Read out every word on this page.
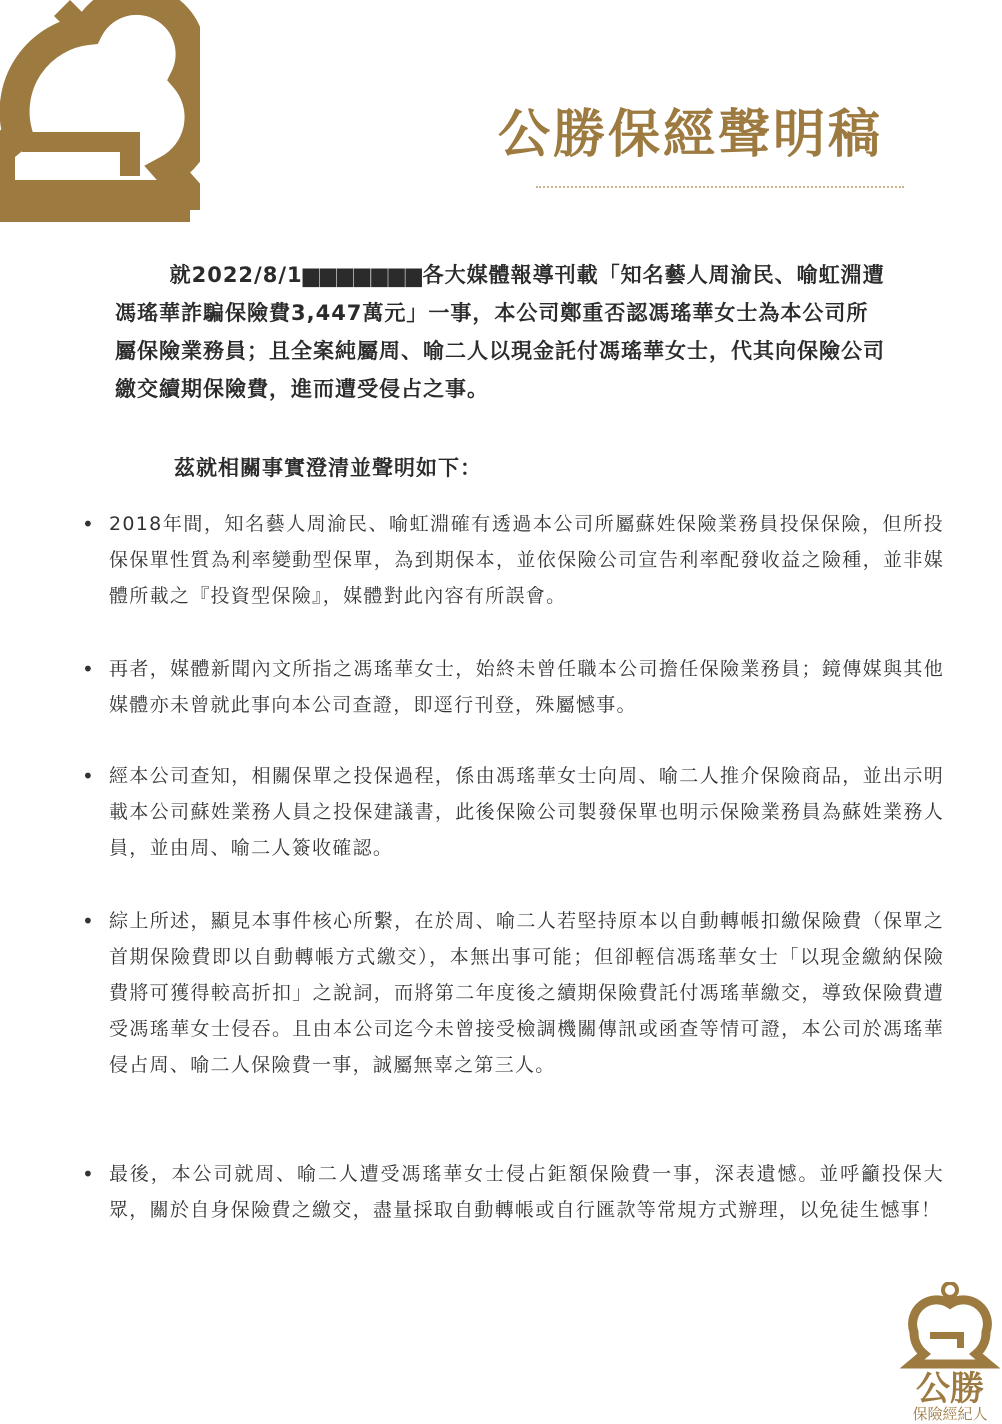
公勝保經聲明稿

就2022/8/1▆▆▆▆▆▆▆各大媒體報導刊載「知名藝人周渝民、喻虹淵遭馮瑤華詐騙保險費3,447萬元」一事，本公司鄭重否認馮瑤華女士為本公司所屬保險業務員；且全案純屬周、喻二人以現金託付馮瑤華女士，代其向保險公司繳交續期保險費，進而遭受侵占之事。

茲就相關事實澄清並聲明如下：
• 2018年間，知名藝人周渝民、喻虹淵確有透過本公司所屬蘇姓保險業務員投保保險，但所投保保單性質為利率變動型保單，為到期保本，並依保險公司宣告利率配發收益之險種，並非媒體所載之『投資型保險』，媒體對此內容有所誤會。
• 再者，媒體新聞內文所指之馮瑤華女士，始終未曾任職本公司擔任保險業務員；鏡傳媒與其他媒體亦未曾就此事向本公司查證，即逕行刊登，殊屬憾事。
• 經本公司查知，相關保單之投保過程，係由馮瑤華女士向周、喻二人推介保險商品，並出示明載本公司蘇姓業務人員之投保建議書，此後保險公司製發保單也明示保險業務員為蘇姓業務人員，並由周、喻二人簽收確認。
• 綜上所述，顯見本事件核心所繫，在於周、喻二人若堅持原本以自動轉帳扣繳保險費（保單之首期保險費即以自動轉帳方式繳交），本無出事可能；但卻輕信馮瑤華女士「以現金繳納保險費將可獲得較高折扣」之說詞，而將第二年度後之續期保險費託付馮瑤華繳交，導致保險費遭受馮瑤華女士侵吞。且由本公司迄今未曾接受檢調機關傳訊或函查等情可證，本公司於馮瑤華侵占周、喻二人保險費一事，誠屬無辜之第三人。
• 最後，本公司就周、喻二人遭受馮瑤華女士侵占鉅額保險費一事，深表遺憾。並呼籲投保大眾，關於自身保險費之繳交，盡量採取自動轉帳或自行匯款等常規方式辦理，以免徒生憾事！
公勝
保險經紀人
